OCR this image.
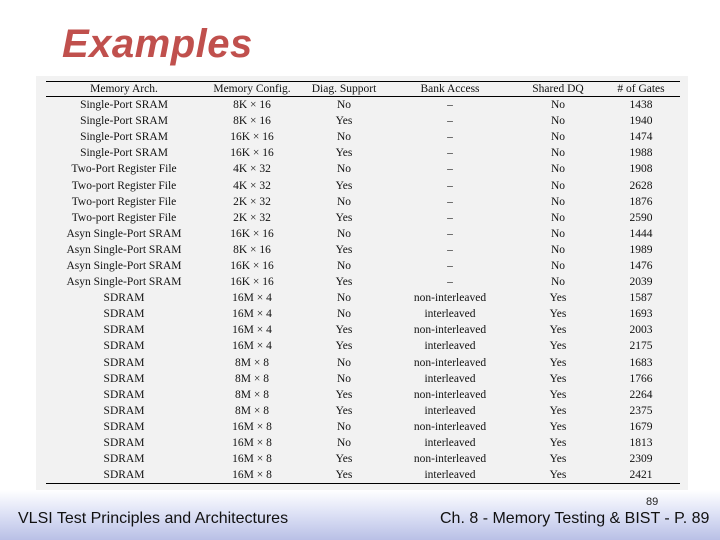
Examples
Memory Arch.	Memory Config.	Diag. Support	Bank Access	Shared DQ	# of Gates
Single-Port SRAM	8K × 16	No	–	No	1438
Single-Port SRAM	8K × 16	Yes	–	No	1940
Single-Port SRAM	16K × 16	No	–	No	1474
Single-Port SRAM	16K × 16	Yes	–	No	1988
Two-Port Register File	4K × 32	No	–	No	1908
Two-port Register File	4K × 32	Yes	–	No	2628
Two-port Register File	2K × 32	No	–	No	1876
Two-port Register File	2K × 32	Yes	–	No	2590
Asyn Single-Port SRAM	16K × 16	No	–	No	1444
Asyn Single-Port SRAM	8K × 16	Yes	–	No	1989
Asyn Single-Port SRAM	16K × 16	No	–	No	1476
Asyn Single-Port SRAM	16K × 16	Yes	–	No	2039
SDRAM	16M × 4	No	non-interleaved	Yes	1587
SDRAM	16M × 4	No	interleaved	Yes	1693
SDRAM	16M × 4	Yes	non-interleaved	Yes	2003
SDRAM	16M × 4	Yes	interleaved	Yes	2175
SDRAM	8M × 8	No	non-interleaved	Yes	1683
SDRAM	8M × 8	No	interleaved	Yes	1766
SDRAM	8M × 8	Yes	non-interleaved	Yes	2264
SDRAM	8M × 8	Yes	interleaved	Yes	2375
SDRAM	16M × 8	No	non-interleaved	Yes	1679
SDRAM	16M × 8	No	interleaved	Yes	1813
SDRAM	16M × 8	Yes	non-interleaved	Yes	2309
SDRAM	16M × 8	Yes	interleaved	Yes	2421
89
VLSI Test Principles and Architectures	Ch. 8 - Memory Testing & BIST - P. 89
